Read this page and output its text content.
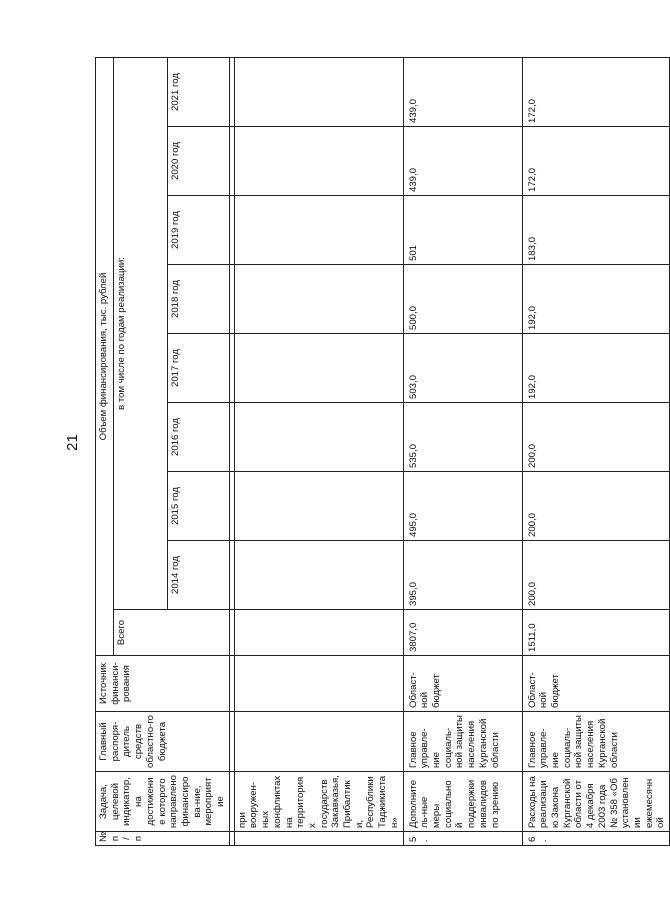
21
№ п/п	Задача, целевой индикатор, на достижение которого направлено финансирова-ние, мероприятие	Главный распоря-дитель средств областно-го бюджета	Источник финанси-рования	Объем финансирования, тыс. рублей								
				Всего	в том числе по годам реализации:							
					2014 год	2015 год	2016 год	2017 год	2018 год	2019 год	2020 год	2021 год

	при вооружен-ных конфликтах на территориях государств Закавказья, Прибалтики, Республики Таджикистан»											
5.	Дополнитель-ные меры социальной поддержки инвалидов по зрению	Главное управле-ние социаль-ной защиты населения Курганской области	Област-ной бюджет	3807,0	395,0	495,0	535,0	503,0	500,0	501	439,0	439,0
6.	Расходы на реализацию Закона Курганской области от 4 декабря 2003 года № 358 «Об установлении ежемесячной	Главное управле-ние социаль-ной защиты населения Курганской области	Област-ной бюджет	1511,0	200,0	200,0	200,0	192,0	192,0	183,0	172,0	172,0
